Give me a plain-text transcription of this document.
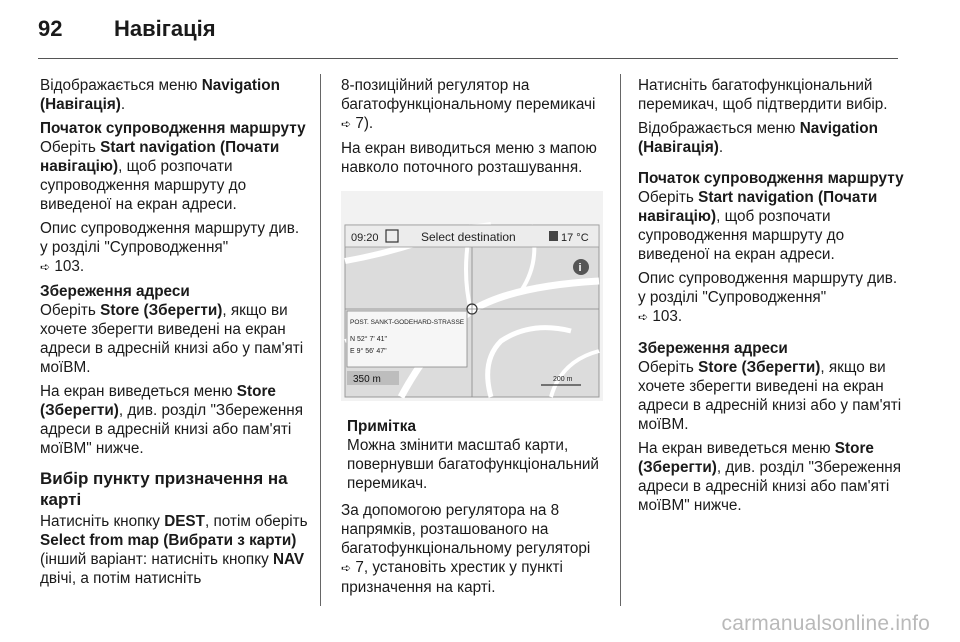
92	Навігація

Відображається меню Navigation (Навігація).

Початок супроводження маршруту
Оберіть Start navigation (Почати навігацію), щоб розпочати супроводження маршруту до виведеної на екран адреси.

Опис супроводження маршруту див. у розділі "Супроводження"
➪ 103.

Збереження адреси
Оберіть Store (Зберегти), якщо ви хочете зберегти виведені на екран адреси в адресній книзі або у пам'яті моїВМ.

На екран виведеться меню Store (Зберегти), див. розділ "Збереження адреси в адресній книзі або пам'яті моїВМ" нижче.

Вибір пункту призначення на карті

Натисніть кнопку DEST, потім оберіть Select from map (Вибрати з карти) (інший варіант: натисніть кнопку NAV двічі, а потім натисніть

8-позиційний регулятор на багатофункціональному перемикачі ➪ 7).

На екран виводиться меню з мапою навколо поточного розташування.

09:20	Select destination	17 °C
i
POST. SANKT-GODEHARD-STRASSE
N 52° 7' 41"
E 9° 56' 47"
350 m	200 m
Примітка
Можна змінити масштаб карти, повернувши багатофункціональний перемикач.

За допомогою регулятора на 8 напрямків, розташованого на багатофункціональному регуляторі
➪ 7, установіть хрестик у пункті призначення на карті.

Натисніть багатофункціональний перемикач, щоб підтвердити вибір.

Відображається меню Navigation (Навігація).

Початок супроводження маршруту
Оберіть Start navigation (Почати навігацію), щоб розпочати супроводження маршруту до виведеної на екран адреси.

Опис супроводження маршруту див. у розділі "Супроводження"
➪ 103.

Збереження адреси
Оберіть Store (Зберегти), якщо ви хочете зберегти виведені на екран адреси в адресній книзі або у пам'яті моїВМ.

На екран виведеться меню Store (Зберегти), див. розділ "Збереження адреси в адресній книзі або пам'яті моїВМ" нижче.

carmanualsonline.info
